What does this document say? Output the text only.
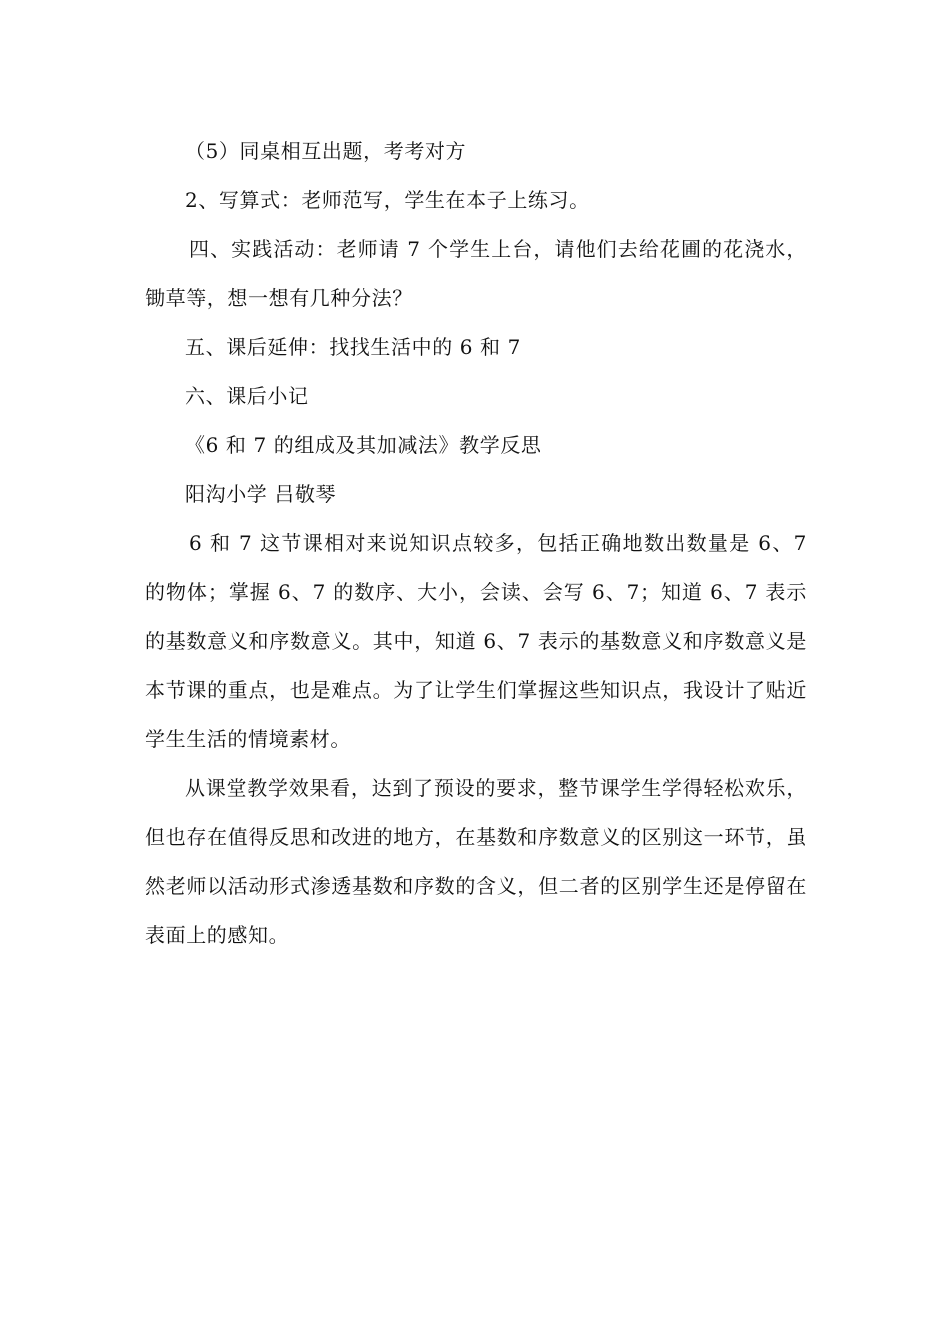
（5）同桌相互出题，考考对方

2、写算式：老师范写，学生在本子上练习。

四、实践活动：老师请 7 个学生上台，请他们去给花圃的花浇水，锄草等，想一想有几种分法？

五、课后延伸：找找生活中的 6 和 7

六、课后小记

《6 和 7 的组成及其加减法》教学反思

阳沟小学 吕敬琴

6 和 7 这节课相对来说知识点较多，包括正确地数出数量是 6、7 的物体；掌握 6、7 的数序、大小，会读、会写 6、7；知道 6、7 表示的基数意义和序数意义。其中，知道 6、7 表示的基数意义和序数意义是本节课的重点，也是难点。为了让学生们掌握这些知识点，我设计了贴近学生生活的情境素材。

从课堂教学效果看，达到了预设的要求，整节课学生学得轻松欢乐，但也存在值得反思和改进的地方，在基数和序数意义的区别这一环节，虽然老师以活动形式渗透基数和序数的含义，但二者的区别学生还是停留在表面上的感知。
